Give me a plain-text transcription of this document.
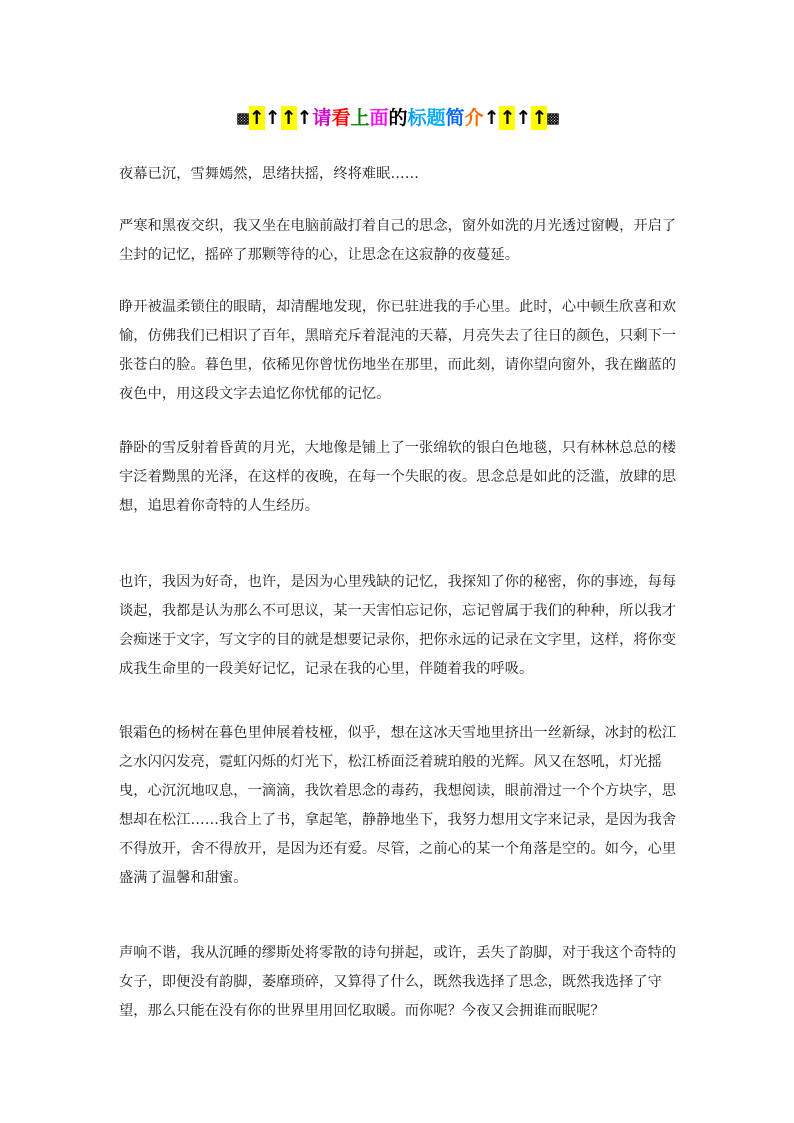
▩↑↑↑↑请看上面的标题简介↑↑↑↑▩

夜幕已沉，雪舞嫣然，思绪扶摇，终将难眠……

严寒和黑夜交织，我又坐在电脑前敲打着自己的思念，窗外如洗的月光透过窗幔，开启了尘封的记忆，摇碎了那颗等待的心，让思念在这寂静的夜蔓延。

睁开被温柔锁住的眼睛，却清醒地发现，你已驻进我的手心里。此时，心中顿生欣喜和欢愉，仿佛我们已相识了百年，黑暗充斥着混沌的天幕，月亮失去了往日的颜色，只剩下一张苍白的脸。暮色里，依稀见你曾忧伤地坐在那里，而此刻，请你望向窗外，我在幽蓝的夜色中，用这段文字去追忆你忧郁的记忆。

静卧的雪反射着昏黄的月光，大地像是铺上了一张绵软的银白色地毯，只有林林总总的楼宇泛着黝黑的光泽，在这样的夜晚，在每一个失眠的夜。思念总是如此的泛滥，放肆的思想，追思着你奇特的人生经历。

也许，我因为好奇，也许，是因为心里残缺的记忆，我探知了你的秘密，你的事迹，每每谈起，我都是认为那么不可思议，某一天害怕忘记你，忘记曾属于我们的种种，所以我才会痴迷于文字，写文字的目的就是想要记录你，把你永远的记录在文字里，这样，将你变成我生命里的一段美好记忆，记录在我的心里，伴随着我的呼吸。

银霜色的杨树在暮色里伸展着枝桠，似乎，想在这冰天雪地里挤出一丝新绿，冰封的松江之水闪闪发亮，霓虹闪烁的灯光下，松江桥面泛着琥珀般的光辉。风又在怒吼，灯光摇曳，心沉沉地叹息，一滴滴，我饮着思念的毒药，我想阅读，眼前滑过一个个方块字，思想却在松江……我合上了书，拿起笔，静静地坐下，我努力想用文字来记录，是因为我舍不得放开，舍不得放开，是因为还有爱。尽管，之前心的某一个角落是空的。如今，心里盛满了温馨和甜蜜。

声响不谐，我从沉睡的缪斯处将零散的诗句拼起，或许，丢失了韵脚，对于我这个奇特的女子，即便没有韵脚，萎靡琐碎，又算得了什么，既然我选择了思念，既然我选择了守望，那么只能在没有你的世界里用回忆取暖。而你呢？今夜又会拥谁而眠呢？
